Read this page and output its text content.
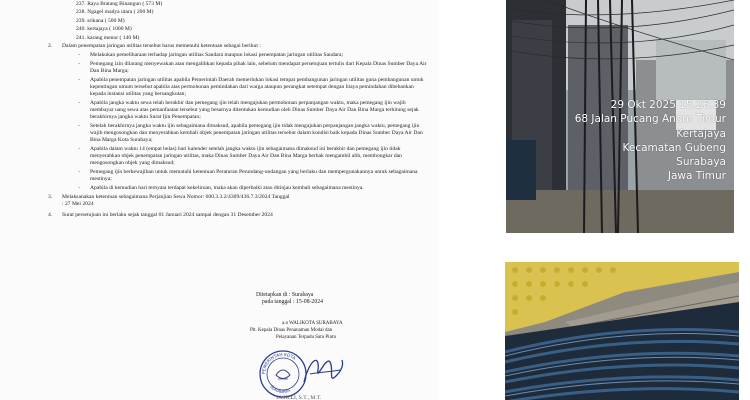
237. Raya Bratang Binangun ( 573 M)
238. Ngagel madya utara ( 200 M)
239. srikana ( 500 M)
240. kertajaya ( 1000 M)
241. karang menur ( 140 M)
2.	Dalam penempatan jaringan utilitas tersebut harus memenuhi ketentuan sebagai berikut :
- Melakukan pemeliharaan terhadap jaringan utilitas Saudara maupun lokasi penempatan jaringan utilitas Saudara;
- Pemegang izin dilarang menyewakan atau mengalihkan kepada pihak lain, sebelum mendapat persetujuan tertulis dari Kepala Dinas Sumber Daya Air Dan Bina Marga;
- Apabila penempatan jaringan utilitas apabila Pemerintah Daerah memerlukan lokasi tempat pembangunan jaringan utilitas guna pembangunan untuk kepentingan umum tersebut apabila atas permohonan pemindahan dari warga ataupun perangkat setempat dengan biaya pemindahan dibebankan kepada instansi utilitas yang bersangkutan;
- Apabila jangka waktu sewa telah berakhir dan pemegang ijin telah mengajukan permohonan perpanjangan waktu, maka pemegang ijin wajib membayar uang sewa atas pemanfaatan tersebut yang besarnya ditentukan kemudian oleh Dinas Sumber Daya Air Dan Bina Marga terhitung sejak berakhirnya jangka waktu Surat Ijin Penempatan;
- Setelah berakhirnya jangka waktu ijin sebagaimana dimaksud, apabila pemegang ijin tidak mengajukan perpanjangan jangka waktu, pemegang ijin wajib mengosongkan dan menyerahkan kembali objek penempatan jaringan utilitas tersebut dalam kondisi baik kepada Dinas Sumber Daya Air Dan Bina Marga Kota Surabaya;
- Apabila dalam waktu 14 (empat belas) hari kalender setelah jangka waktu ijin sebagaimana dimaksud ini berakhir dan pemegang ijin tidak menyerahkan objek penempatan jaringan utilitas, maka Dinas Sumber Daya Air Dan Bina Marga berhak mengambil alih, membongkar dan mengosongkan objek yang dimaksud;
- Pemegang ijin berkewajiban untuk mematuhi ketentuan Peraturan Perundang-undangan yang berlaku dan mempergunakannya untuk sebagaimana mestinya;
- Apabila di kemudian hari ternyata terdapat kekeliruan, maka akan diperbaiki atau ditinjau kembali sebagaimana mestinya.
3.	Melaksanakan ketentuan sebagaimana Perjanjian Sewa Nomor: 600.3.3.2/4309/436.7.3/2024 Tanggal : 27 Mei 2024
4.	Surat persetujuan ini berlaku sejak tanggal 01 Januari 2024 sampai dengan 31 Desember 2024
Ditetapkan di : Surabaya
pada tanggal : 15-08-2024
a.n WALIKOTA SURABAYA
Plt. Kepala Dinas Penanaman Modal dan
Pelayanan Terpadu Satu Pintu
PEMERINTAH KOTA
SURABAYA
JASILLI, S.T., M.T.
29 Okt 2025 15.26.39
68 Jalan Pucang Anom Timur
Kertajaya
Kecamatan Gubeng
Surabaya
Jawa Timur
